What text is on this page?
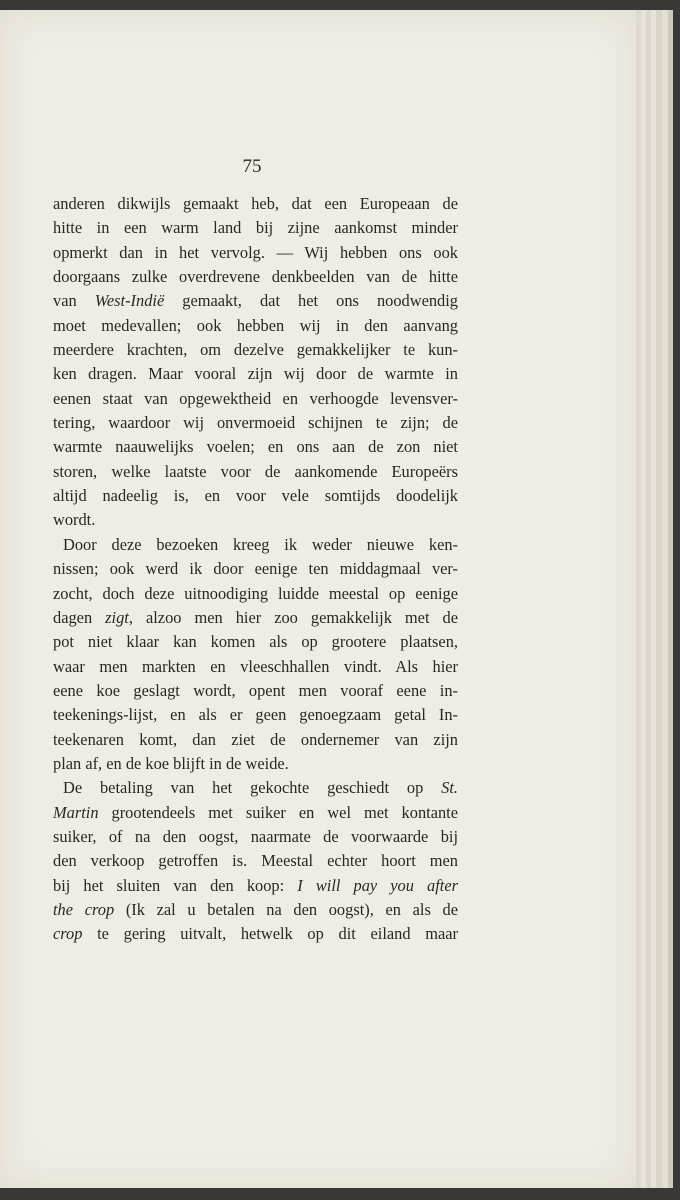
75
anderen dikwijls gemaakt heb, dat een Europeaan de
hitte in een warm land bij zijne aankomst minder
opmerkt dan in het vervolg. — Wij hebben ons ook
doorgaans zulke overdrevene denkbeelden van de hitte
van West-Indië gemaakt, dat het ons noodwendig
moet medevallen; ook hebben wij in den aanvang
meerdere krachten, om dezelve gemakkelijker te kun-
ken dragen. Maar vooral zijn wij door de warmte in
eenen staat van opgewektheid en verhoogde levensver-
tering, waardoor wij onvermoeid schijnen te zijn; de
warmte naauwelijks voelen; en ons aan de zon niet
storen, welke laatste voor de aankomende Europeërs
altijd nadeelig is, en voor vele somtijds doodelijk
wordt.
Door deze bezoeken kreeg ik weder nieuwe ken-
nissen; ook werd ik door eenige ten middagmaal ver-
zocht, doch deze uitnoodiging luidde meestal op eenige
dagen zigt, alzoo men hier zoo gemakkelijk met de
pot niet klaar kan komen als op grootere plaatsen,
waar men markten en vleeschhallen vindt. Als hier
eene koe geslagt wordt, opent men vooraf eene in-
teekenings-lijst, en als er geen genoegzaam getal In-
teekenaren komt, dan ziet de ondernemer van zijn
plan af, en de koe blijft in de weide.
De betaling van het gekochte geschiedt op St.
Martin grootendeels met suiker en wel met kontante
suiker, of na den oogst, naarmate de voorwaarde bij
den verkoop getroffen is. Meestal echter hoort men
bij het sluiten van den koop: I will pay you after
the crop (Ik zal u betalen na den oogst), en als de
crop te gering uitvalt, hetwelk op dit eiland maar
